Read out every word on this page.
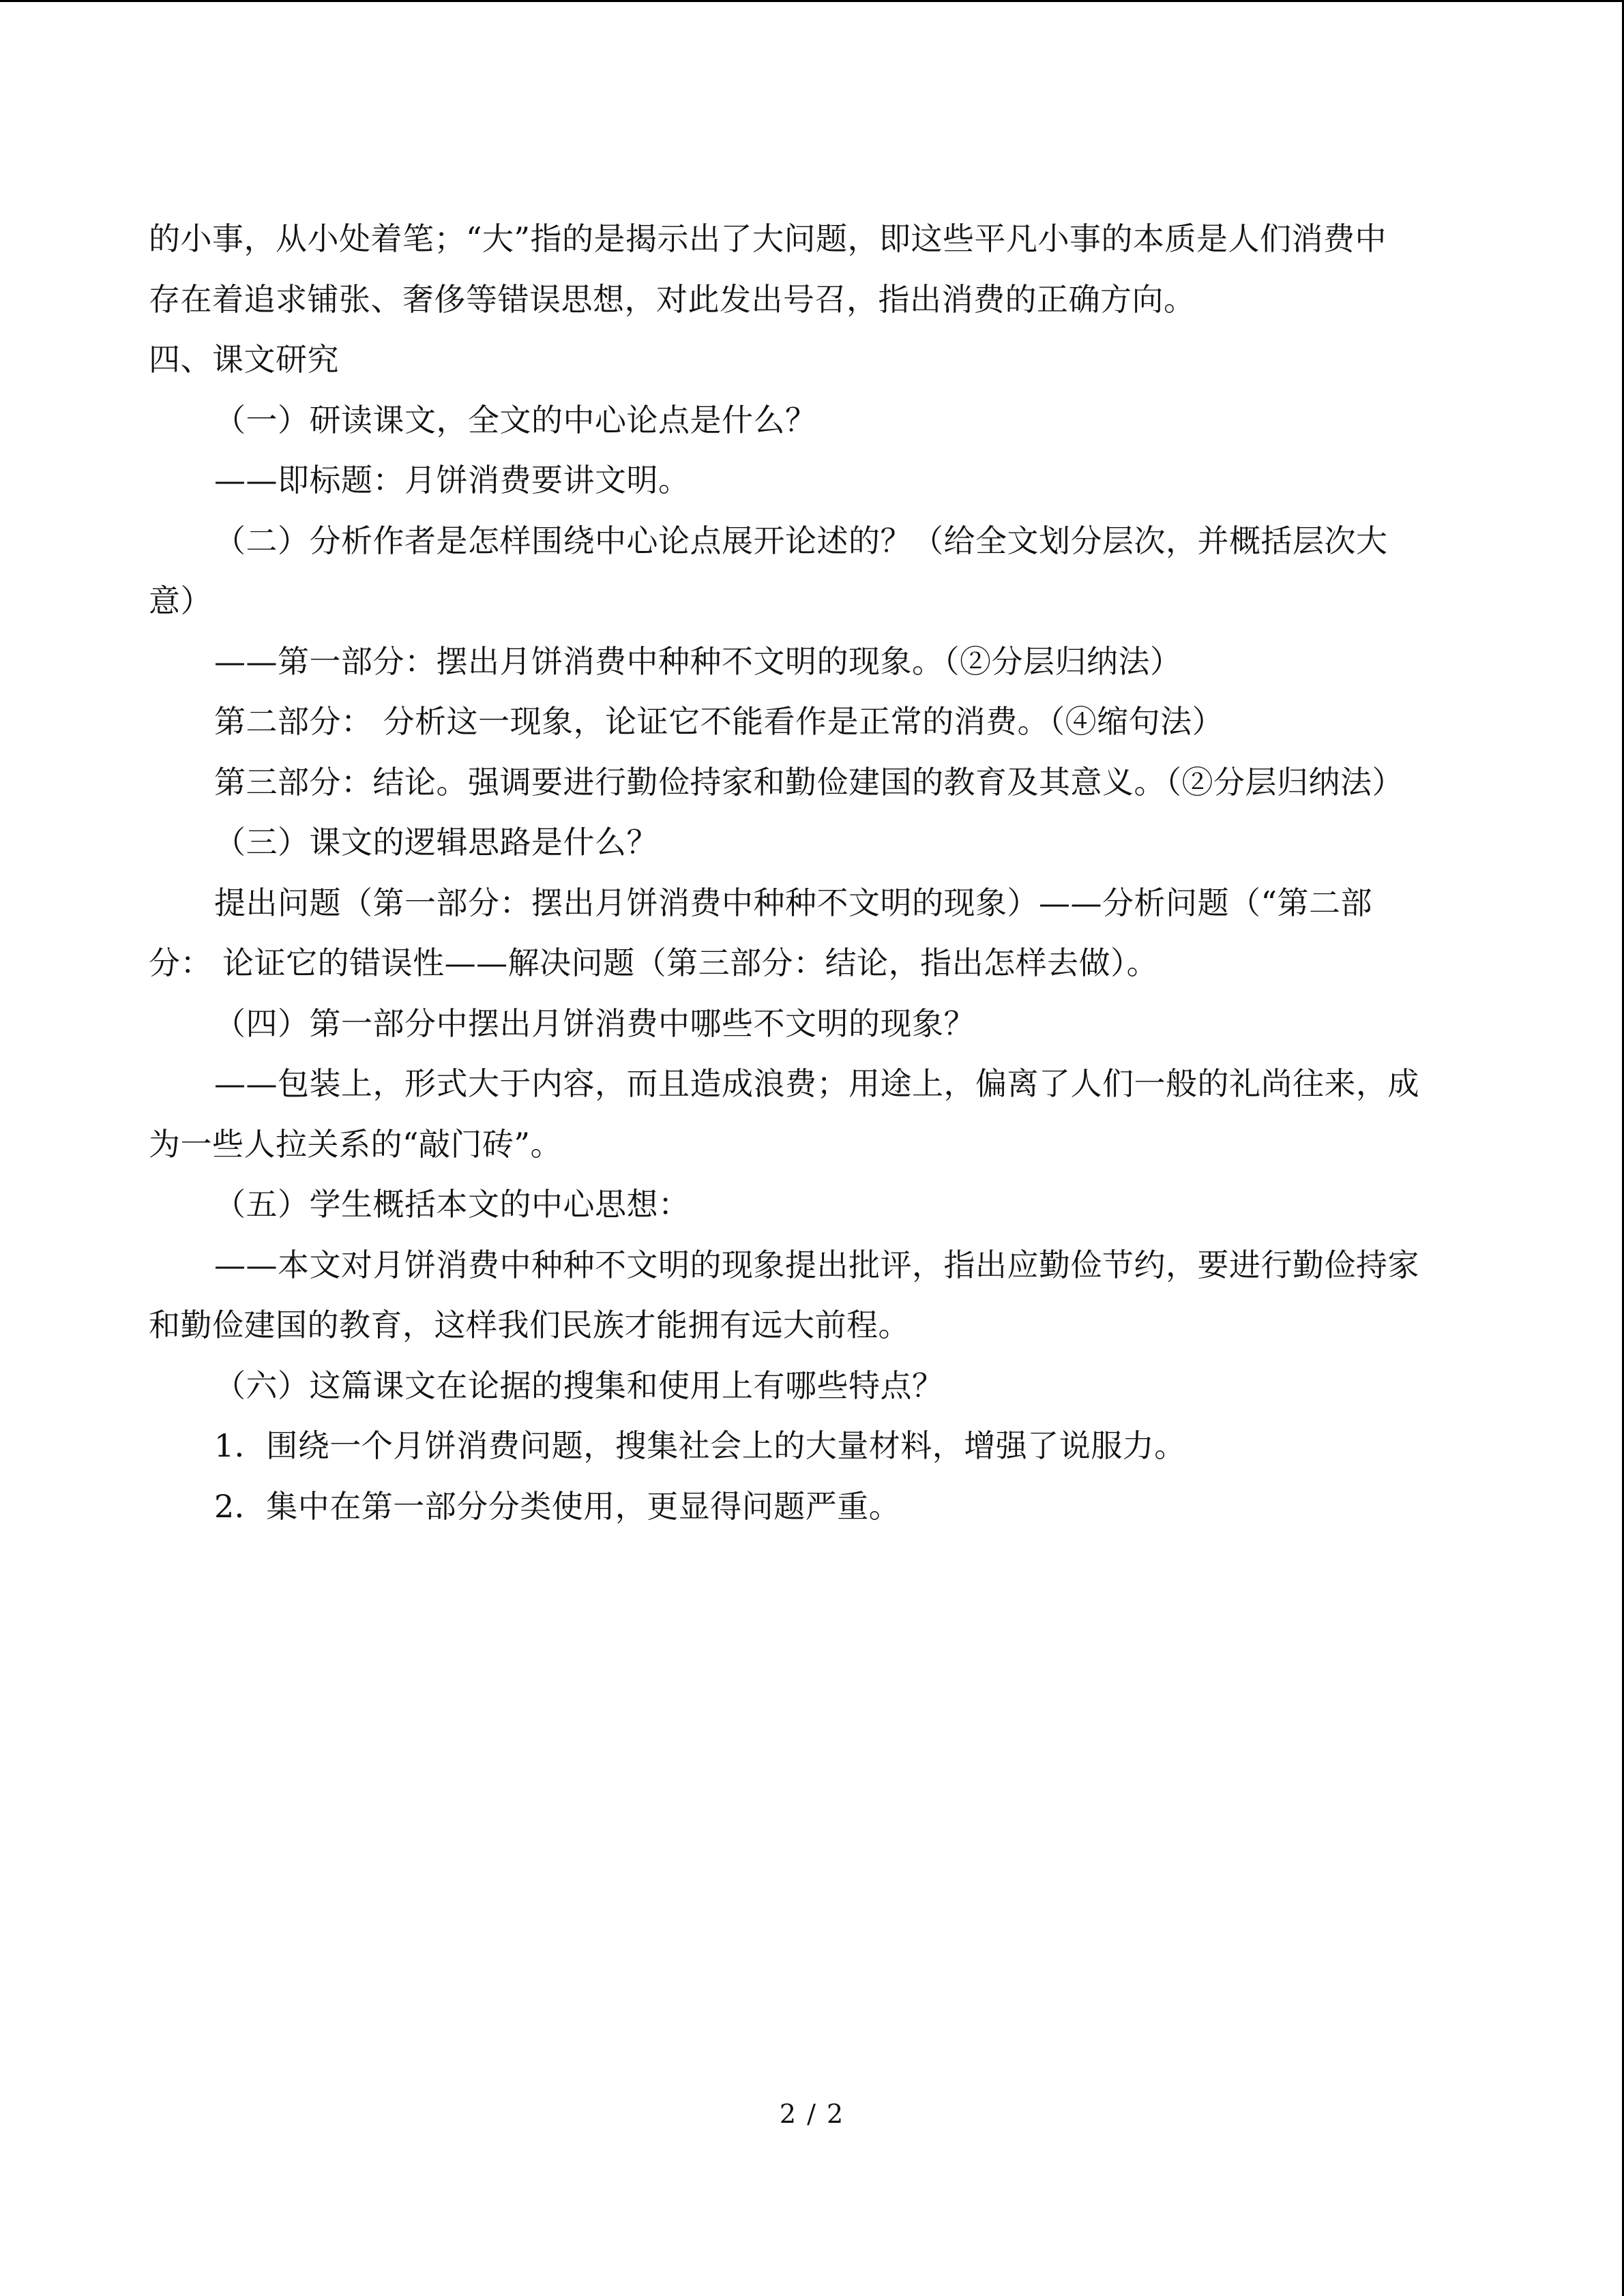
的小事，从小处着笔；“大”指的是揭示出了大问题，即这些平凡小事的本质是人们消费中
存在着追求铺张、奢侈等错误思想，对此发出号召，指出消费的正确方向。
四、课文研究
（一）研读课文，全文的中心论点是什么？
——即标题：月饼消费要讲文明。
（二）分析作者是怎样围绕中心论点展开论述的？（给全文划分层次，并概括层次大
意）
——第一部分：摆出月饼消费中种种不文明的现象。（②分层归纳法）
第二部分： 分析这一现象，论证它不能看作是正常的消费。（④缩句法）
第三部分：结论。强调要进行勤俭持家和勤俭建国的教育及其意义。（②分层归纳法）
（三）课文的逻辑思路是什么？
提出问题（第一部分：摆出月饼消费中种种不文明的现象）——分析问题（“第二部
分： 论证它的错误性——解决问题（第三部分：结论，指出怎样去做）。
（四）第一部分中摆出月饼消费中哪些不文明的现象？
——包装上，形式大于内容，而且造成浪费；用途上，偏离了人们一般的礼尚往来，成
为一些人拉关系的“敲门砖”。
（五）学生概括本文的中心思想：
——本文对月饼消费中种种不文明的现象提出批评，指出应勤俭节约，要进行勤俭持家
和勤俭建国的教育，这样我们民族才能拥有远大前程。
（六）这篇课文在论据的搜集和使用上有哪些特点？
1．围绕一个月饼消费问题，搜集社会上的大量材料，增强了说服力。
2．集中在第一部分分类使用，更显得问题严重。
2 / 2
